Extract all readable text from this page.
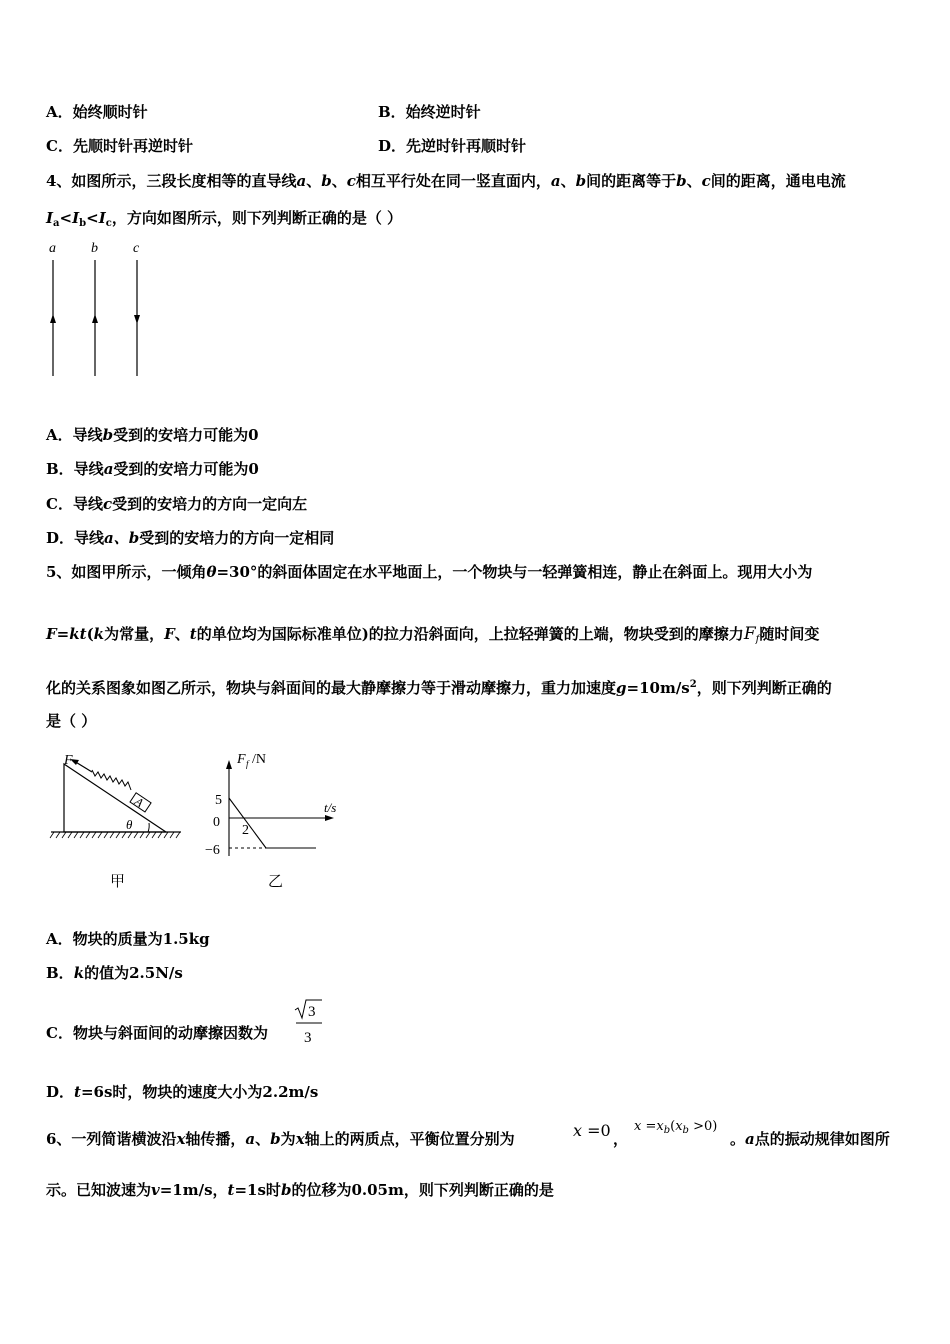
A．始终顺时针	B．始终逆时针
C．先顺时针再逆时针	D．先逆时针再顺时针
4、如图所示，三段长度相等的直导线a、b、c相互平行处在同一竖直面内，a、b间的距离等于b、c间的距离，通电电流
$I_a<I_b<I_c$，方向如图所示，则下列判断正确的是（ ）
a	b	c
A．导线b受到的安培力可能为0
B．导线a受到的安培力可能为0
C．导线c受到的安培力的方向一定向左
D．导线a、b受到的安培力的方向一定相同
5、如图甲所示，一倾角θ=30°的斜面体固定在水平地面上，一个物块与一轻弹簧相连，静止在斜面上。现用大小为
F=kt(k为常量，F、t的单位均为国际标准单位)的拉力沿斜面向，上拉轻弹簧的上端，物块受到的摩擦力$F_f$随时间变
化的关系图象如图乙所示，物块与斜面间的最大静摩擦力等于滑动摩擦力，重力加速度$g=10m/s^2$，则下列判断正确的
是（ ）
A
F
θ
甲
F f /N
t/s
5
0
−6
2
乙
A．物块的质量为1.5kg
B．k的值为2.5N/s
C．物块与斜面间的动摩擦因数为
3
3
D．t=6s时，物块的速度大小为2.2m/s
6、一列简谐横波沿x轴传播，a、b为x轴上的两质点，平衡位置分别为	x =0 ，
$x =x_b(x_b >0)$
。a点的振动规律如图所
示。已知波速为v=1m/s，t=1s时b的位移为0.05m，则下列判断正确的是
